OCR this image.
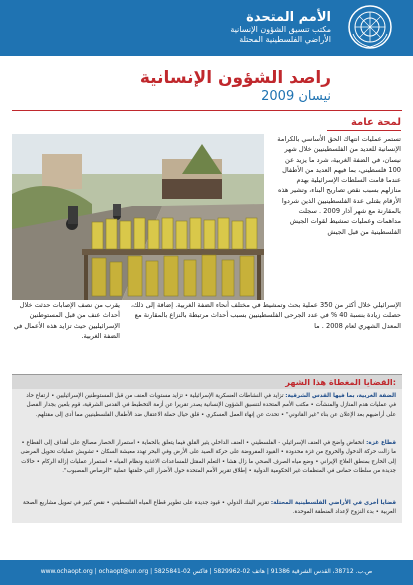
الأمم المتحدة
مكتب تنسيق الشؤون الإنسانية
الأراضي الفلسطينية المحتلة
راصد الشؤون الإنسانية
نيسان 2009
لمحة عامة
تستمر عمليات انتهاك الحق الأساسي بالكرامة الإنسانية للعديد من الفلسطينيين خلال شهر نيسان، في الضفة الغربية، شرد ما يزيد عن 100 فلسطيني، بما فيهم العديد من الأطفال عندما قامت السلطات الإسرائيلية بهدم منازلهم بسبب نقص تصاريح البناء، وتشير هذه الأرقام بقتلى عدة الفلسطينيين الذين شردوا بالمقارنة مع شهر آذار 2009 . سجلت مداهمات وعمليات تمشيط لقوات الجيش الفلسطينية من قبل الجيش
الإسرائيلي خلال أكثر من 350 عملية بحث وتمشيط في مختلف أنحاء الضفة الغربية. إضافة إلى ذلك، حصلت زيادة بنسبة 40 % في عدد الجرحى الفلسطينيين بسبب أحداث مرتبطة بالنزاع بالمقارنة مع المعدل الشهري لعام 2008 . ما
يقرب من نصف الإصابات حدثت خلال أحداث عنف من قبل المستوطنين الإسرائيليين حيث تزايد هذه الأعمال في الضفة الغربية.
القضايا المغطاة هذا الشهر:
الضفة الغربية، بما فيها القدس الشرقية: تزايد في النشاطات العسكرية الإسرائيلية • تزايد مستويات العنف من قبل المستوطنين الإسرائيليين • ارتفاع حاد في عمليات هدم المنازل والمنشآت • مكتب الأمم المتحدة لتنسيق الشؤون الإنسانية يصدر تقريرا عن أزمة التخطيط في القدس الشرقية، قوم بلعين بجدار الفصل على أراضيهم بعد الإعلان عن بناء "غير القانوني" • تحدث عن إنهاء العمل العسكري • قلق حيال حملة الاعتقال ضد الأطفال الفلسطينيين مما أدى إلى مقتلهم.
قطاع غزة: انخفاض واضح في العنف الإسرائيلي - الفلسطيني • العنف الداخلي يثير القلق فيما يتعلق بالحماية • استمرار الحصار مصالح على أهداف إلى القطاع • ما زالت حركة الدخول والخروج من غزة محدودة • القيود المفروضة على حركة الصيد على الأرض وفي البحر تهدد معيشة السكان • تشويش عمليات تحويل المرضى إلى الخارج بمنطق العلاج الإيراني • وضع مياه الصرف الصحي ما زال هشا • التعلم المقتل للمساعدات الاغذية ونظام المياه • استمرار عمليات إزالة الركام • حالات جديدة من سلطات حماس في المنظمات غير الحكومية الدولية • إطلاق تقرير الأمم المتحدة حول الأضرار التي خلفتها عملية "الرصاص المصبوب".
قضايا أخرى في الأراضي الفلسطينية المحتلة: تقرير البنك الدولي • قيود جديدة على تطوير قطاع المياه الفلسطيني • نقص كبير في تمويل مشاريع الصحة العربية • بدء النزوح لإعداد المنطقة الموحدة.
ص.ب. 38712، القدس الشرقية 91386 | هاتف 02-5829962 | فاكس 02-5825841 | www.ochaopt.org | ochaopt@un.org
